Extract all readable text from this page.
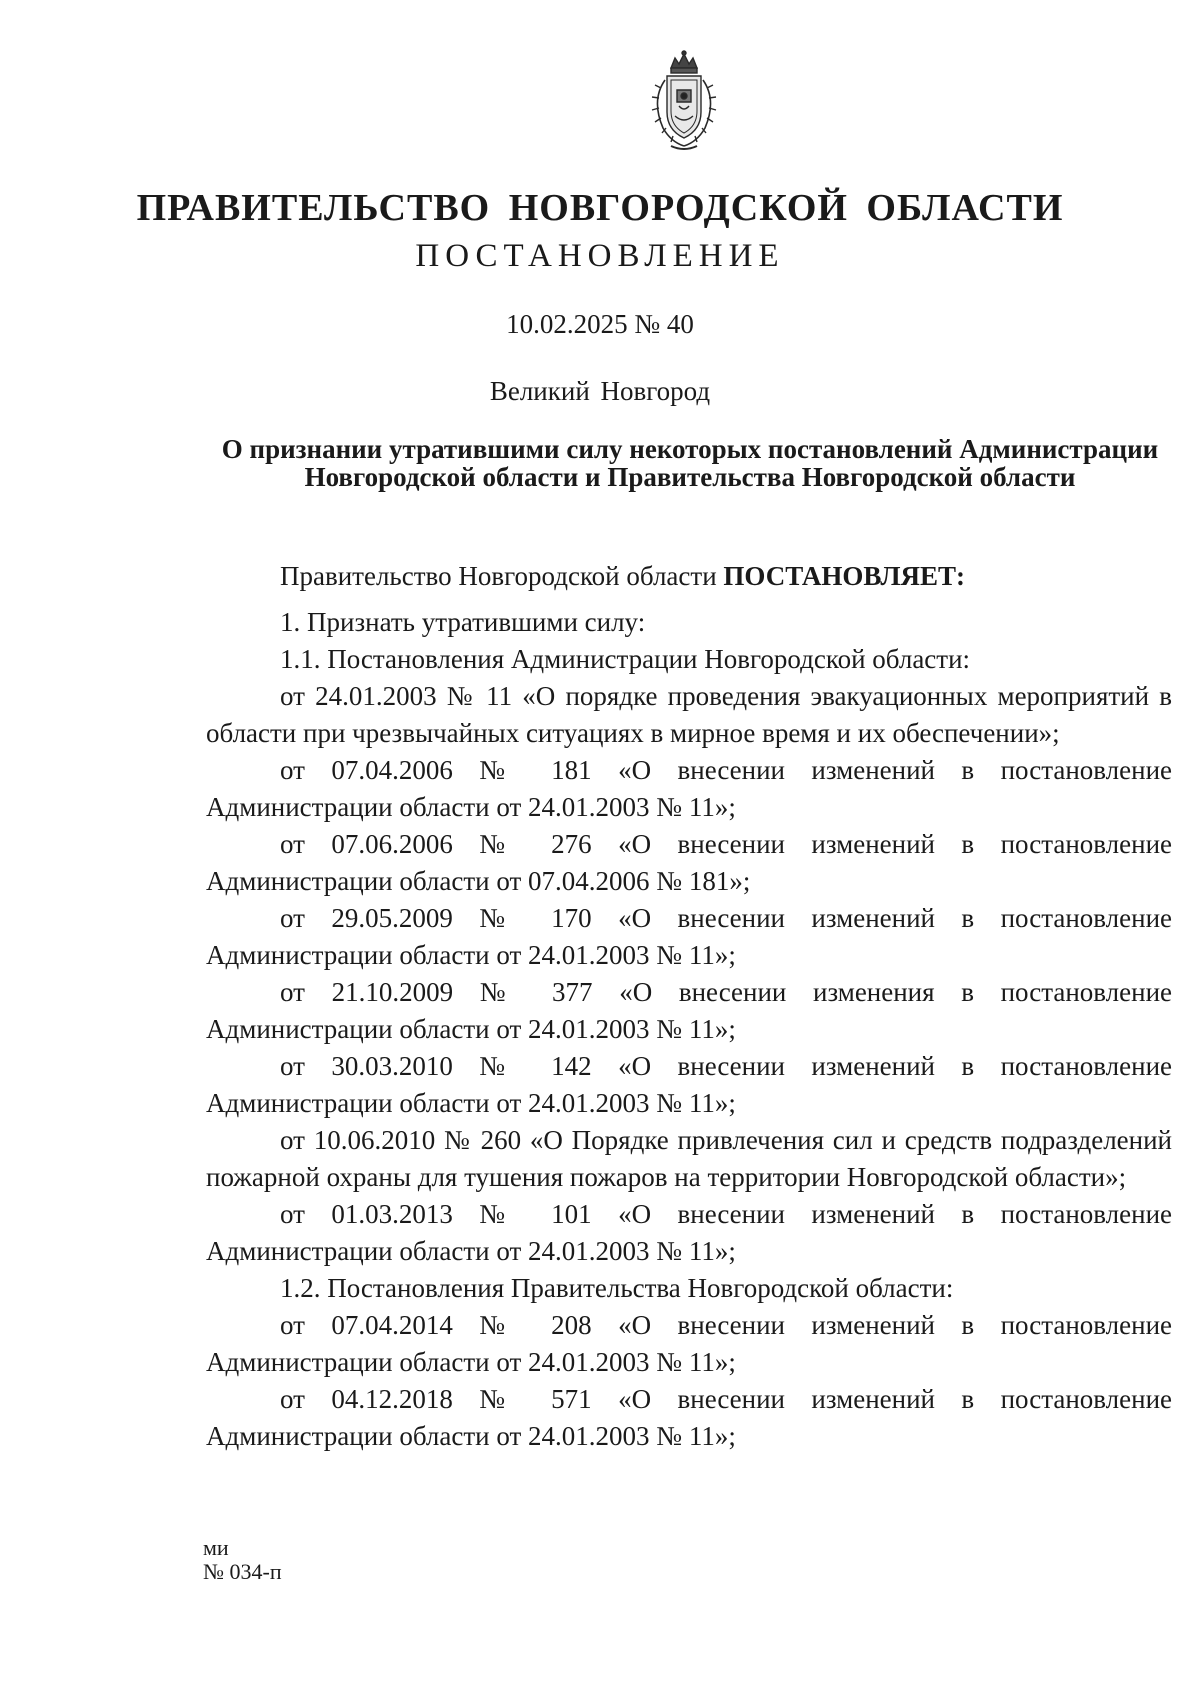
ПРАВИТЕЛЬСТВО НОВГОРОДСКОЙ ОБЛАСТИ
ПОСТАНОВЛЕНИЕ
10.02.2025 № 40
Великий Новгород
О признании утратившими силу некоторых постановлений Администрации
Новгородской области и Правительства Новгородской области

Правительство Новгородской области ПОСТАНОВЛЯЕТ:

1. Признать утратившими силу:

1.1. Постановления Администрации Новгородской области:

от 24.01.2003 № 11 «О порядке проведения эвакуационных мероприятий в области при чрезвычайных ситуациях в мирное время и их обеспечении»;

от 07.04.2006 № 181 «О внесении изменений в постановление Администрации области от 24.01.2003 № 11»;

от 07.06.2006 № 276 «О внесении изменений в постановление Администрации области от 07.04.2006 № 181»;

от 29.05.2009 № 170 «О внесении изменений в постановление Администрации области от 24.01.2003 № 11»;

от 21.10.2009 № 377 «О внесении изменения в постановление Администрации области от 24.01.2003 № 11»;

от 30.03.2010 № 142 «О внесении изменений в постановление Администрации области от 24.01.2003 № 11»;

от 10.06.2010 № 260 «О Порядке привлечения сил и средств подразделений пожарной охраны для тушения пожаров на территории Новгородской области»;

от 01.03.2013 № 101 «О внесении изменений в постановление Администрации области от 24.01.2003 № 11»;

1.2. Постановления Правительства Новгородской области:

от 07.04.2014 № 208 «О внесении изменений в постановление Администрации области от 24.01.2003 № 11»;

от 04.12.2018 № 571 «О внесении изменений в постановление Администрации области от 24.01.2003 № 11»;

ми
№ 034-п
